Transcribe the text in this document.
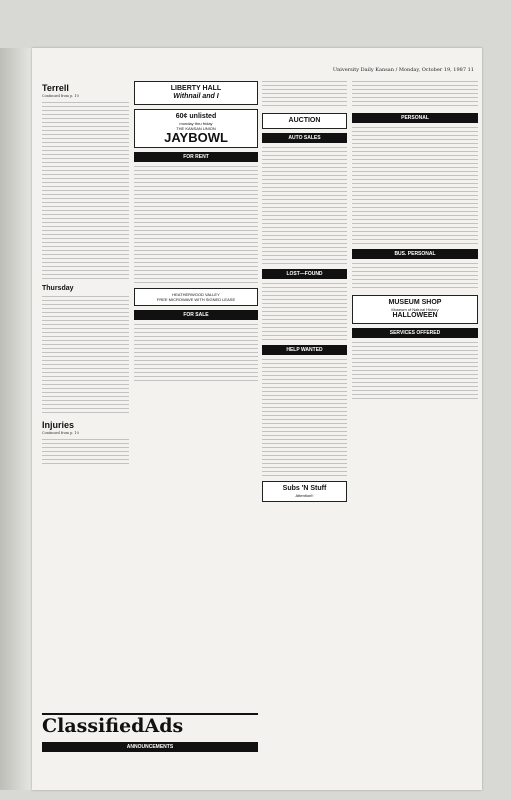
University Daily Kansan / Monday, October 19, 1987 11
Terrell
Continued from p. 10
Thursday
Injuries
Continued from p. 10
LIBERTY HALL
Withnail and I
60¢ unlisted
monday thru friday
THE KANSAN UNION
JAYBOWL
FOR RENT
HEATHERWOOD VALLEY
FREE MICROWAVE WITH SIGNED LEASE
FOR SALE
AUCTION
AUTO SALES
LOST—FOUND
HELP WANTED
Subs 'N Stuff
Attention!!
PERSONAL
BUS. PERSONAL
MUSEUM SHOP
Museum of Natural History
HALLOWEEN
SERVICES OFFERED
ClassifiedAds
ANNOUNCEMENTS
